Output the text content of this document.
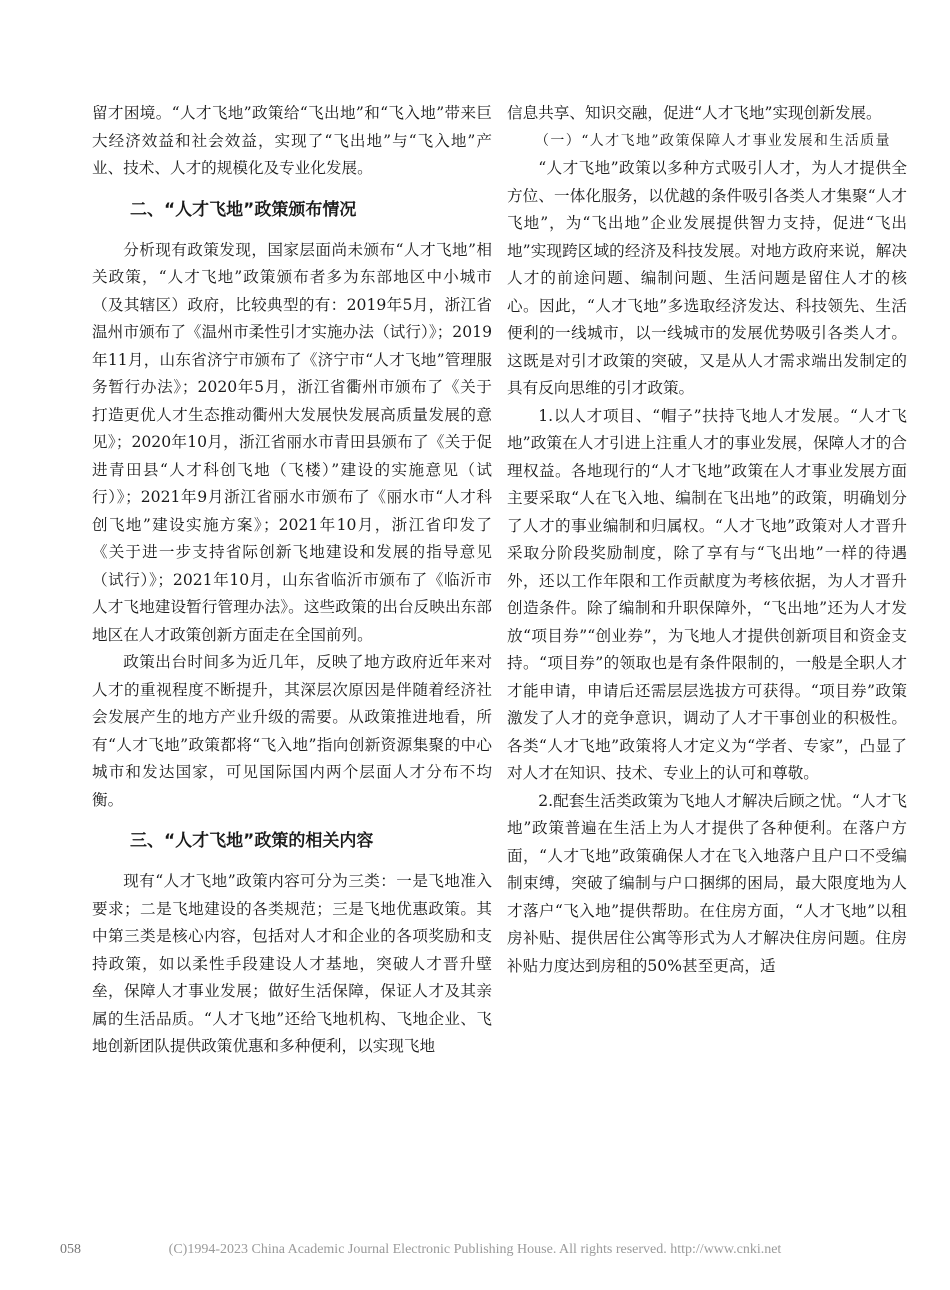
留才困境。“人才飞地”政策给“飞出地”和“飞入地”带来巨大经济效益和社会效益，实现了“飞出地”与“飞入地”产业、技术、人才的规模化及专业化发展。

二、“人才飞地”政策颁布情况

分析现有政策发现，国家层面尚未颁布“人才飞地”相关政策，“人才飞地”政策颁布者多为东部地区中小城市（及其辖区）政府，比较典型的有：2019年5月，浙江省温州市颁布了《温州市柔性引才实施办法（试行）》；2019年11月，山东省济宁市颁布了《济宁市“人才飞地”管理服务暂行办法》；2020年5月，浙江省衢州市颁布了《关于打造更优人才生态推动衢州大发展快发展高质量发展的意见》；2020年10月，浙江省丽水市青田县颁布了《关于促进青田县“人才科创飞地（飞楼）”建设的实施意见（试行）》；2021年9月浙江省丽水市颁布了《丽水市“人才科创飞地”建设实施方案》；2021年10月，浙江省印发了《关于进一步支持省际创新飞地建设和发展的指导意见（试行）》；2021年10月，山东省临沂市颁布了《临沂市人才飞地建设暂行管理办法》。这些政策的出台反映出东部地区在人才政策创新方面走在全国前列。

政策出台时间多为近几年，反映了地方政府近年来对人才的重视程度不断提升，其深层次原因是伴随着经济社会发展产生的地方产业升级的需要。从政策推进地看，所有“人才飞地”政策都将“飞入地”指向创新资源集聚的中心城市和发达国家，可见国际国内两个层面人才分布不均衡。

三、“人才飞地”政策的相关内容

现有“人才飞地”政策内容可分为三类：一是飞地准入要求；二是飞地建设的各类规范；三是飞地优惠政策。其中第三类是核心内容，包括对人才和企业的各项奖励和支持政策，如以柔性手段建设人才基地，突破人才晋升壁垒，保障人才事业发展；做好生活保障，保证人才及其亲属的生活品质。“人才飞地”还给飞地机构、飞地企业、飞地创新团队提供政策优惠和多种便利，以实现飞地

信息共享、知识交融，促进“人才飞地”实现创新发展。

（一）“人才飞地”政策保障人才事业发展和生活质量

“人才飞地”政策以多种方式吸引人才，为人才提供全方位、一体化服务，以优越的条件吸引各类人才集聚“人才飞地”，为“飞出地”企业发展提供智力支持，促进“飞出地”实现跨区域的经济及科技发展。对地方政府来说，解决人才的前途问题、编制问题、生活问题是留住人才的核心。因此，“人才飞地”多选取经济发达、科技领先、生活便利的一线城市，以一线城市的发展优势吸引各类人才。这既是对引才政策的突破，又是从人才需求端出发制定的具有反向思维的引才政策。

1.以人才项目、“帽子”扶持飞地人才发展。“人才飞地”政策在人才引进上注重人才的事业发展，保障人才的合理权益。各地现行的“人才飞地”政策在人才事业发展方面主要采取“人在飞入地、编制在飞出地”的政策，明确划分了人才的事业编制和归属权。“人才飞地”政策对人才晋升采取分阶段奖励制度，除了享有与“飞出地”一样的待遇外，还以工作年限和工作贡献度为考核依据，为人才晋升创造条件。除了编制和升职保障外，“飞出地”还为人才发放“项目券”“创业券”，为飞地人才提供创新项目和资金支持。“项目券”的领取也是有条件限制的，一般是全职人才才能申请，申请后还需层层选拔方可获得。“项目券”政策激发了人才的竞争意识，调动了人才干事创业的积极性。各类“人才飞地”政策将人才定义为“学者、专家”，凸显了对人才在知识、技术、专业上的认可和尊敬。

2.配套生活类政策为飞地人才解决后顾之忧。“人才飞地”政策普遍在生活上为人才提供了各种便利。在落户方面，“人才飞地”政策确保人才在飞入地落户且户口不受编制束缚，突破了编制与户口捆绑的困局，最大限度地为人才落户“飞入地”提供帮助。在住房方面，“人才飞地”以租房补贴、提供居住公寓等形式为人才解决住房问题。住房补贴力度达到房租的50%甚至更高，适

058	(C)1994-2023 China Academic Journal Electronic Publishing House. All rights reserved. http://www.cnki.net
